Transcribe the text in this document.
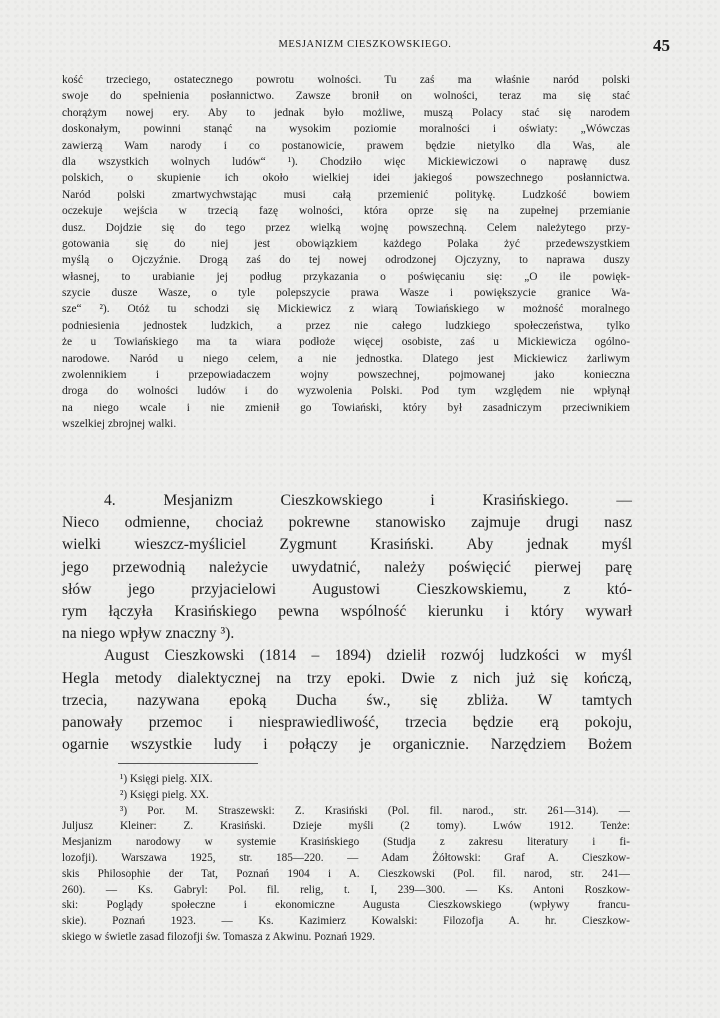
MESJANIZM CIESZKOWSKIEGO.	45
kość trzeciego, ostatecznego powrotu wolności. Tu zaś ma właśnie naród polski
swoje do spełnienia posłannictwo. Zawsze bronił on wolności, teraz ma się stać
chorążym nowej ery. Aby to jednak było możliwe, muszą Polacy stać się narodem
doskonałym, powinni stanąć na wysokim poziomie moralności i oświaty: „Wówczas
zawierzą Wam narody i co postanowicie, prawem będzie nietylko dla Was, ale
dla wszystkich wolnych ludów“ ¹). Chodziło więc Mickiewiczowi o naprawę dusz
polskich, o skupienie ich około wielkiej idei jakiegoś powszechnego posłannictwa.
Naród polski zmartwychwstając musi całą przemienić politykę. Ludzkość bowiem
oczekuje wejścia w trzecią fazę wolności, która oprze się na zupełnej przemianie
dusz. Dojdzie się do tego przez wielką wojnę powszechną. Celem należytego przy-
gotowania się do niej jest obowiązkiem każdego Polaka żyć przedewszystkiem
myślą o Ojczyźnie. Drogą zaś do tej nowej odrodzonej Ojczyzny, to naprawa duszy
własnej, to urabianie jej podług przykazania o poświęcaniu się: „O ile powięk-
szycie dusze Wasze, o tyle polepszycie prawa Wasze i powiększycie granice Wa-
sze“ ²). Otóż tu schodzi się Mickiewicz z wiarą Towiańskiego w możność moralnego
podniesienia jednostek ludzkich, a przez nie całego ludzkiego społeczeństwa, tylko
że u Towiańskiego ma ta wiara podłoże więcej osobiste, zaś u Mickiewicza ogólno-
narodowe. Naród u niego celem, a nie jednostka. Dlatego jest Mickiewicz żarliwym
zwolennikiem i przepowiadaczem wojny powszechnej, pojmowanej jako konieczna
droga do wolności ludów i do wyzwolenia Polski. Pod tym względem nie wpłynął
na niego wcale i nie zmienił go Towiański, który był zasadniczym przeciwnikiem
wszelkiej zbrojnej walki.
4. Mesjanizm Cieszkowskiego i Krasińskiego. —
Nieco odmienne, chociaż pokrewne stanowisko zajmuje drugi nasz
wielki wieszcz-myśliciel Zygmunt Krasiński. Aby jednak myśl
jego przewodnią należycie uwydatnić, należy poświęcić pierwej parę
słów jego przyjacielowi Augustowi Cieszkowskiemu, z któ-
rym łączyła Krasińskiego pewna wspólność kierunku i który wywarł
na niego wpływ znaczny ³).
August Cieszkowski (1814 – 1894) dzielił rozwój ludzkości w myśl
Hegla metody dialektycznej na trzy epoki. Dwie z nich już się kończą,
trzecia, nazywana epoką Ducha św., się zbliża. W tamtych
panowały przemoc i niesprawiedliwość, trzecia będzie erą pokoju,
ogarnie wszystkie ludy i połączy je organicznie. Narzędziem Bożem
¹) Księgi pielg. XIX.
²) Księgi pielg. XX.
³) Por. M. Straszewski: Z. Krasiński (Pol. fil. narod., str. 261—314). —
Juljusz Kleiner: Z. Krasiński. Dzieje myśli (2 tomy). Lwów 1912. Tenże:
Mesjanizm narodowy w systemie Krasińskiego (Studja z zakresu literatury i fi-
lozofji). Warszawa 1925, str. 185—220. — Adam Żółtowski: Graf A. Cieszkow-
skis Philosophie der Tat, Poznań 1904 i A. Cieszkowski (Pol. fil. narod, str. 241—
260). — Ks. Gabryl: Pol. fil. relig, t. I, 239—300. — Ks. Antoni Roszkow-
ski: Poglądy społeczne i ekonomiczne Augusta Cieszkowskiego (wpływy francu-
skie). Poznań 1923. — Ks. Kazimierz Kowalski: Filozofja A. hr. Cieszkow-
skiego w świetle zasad filozofji św. Tomasza z Akwinu. Poznań 1929.
